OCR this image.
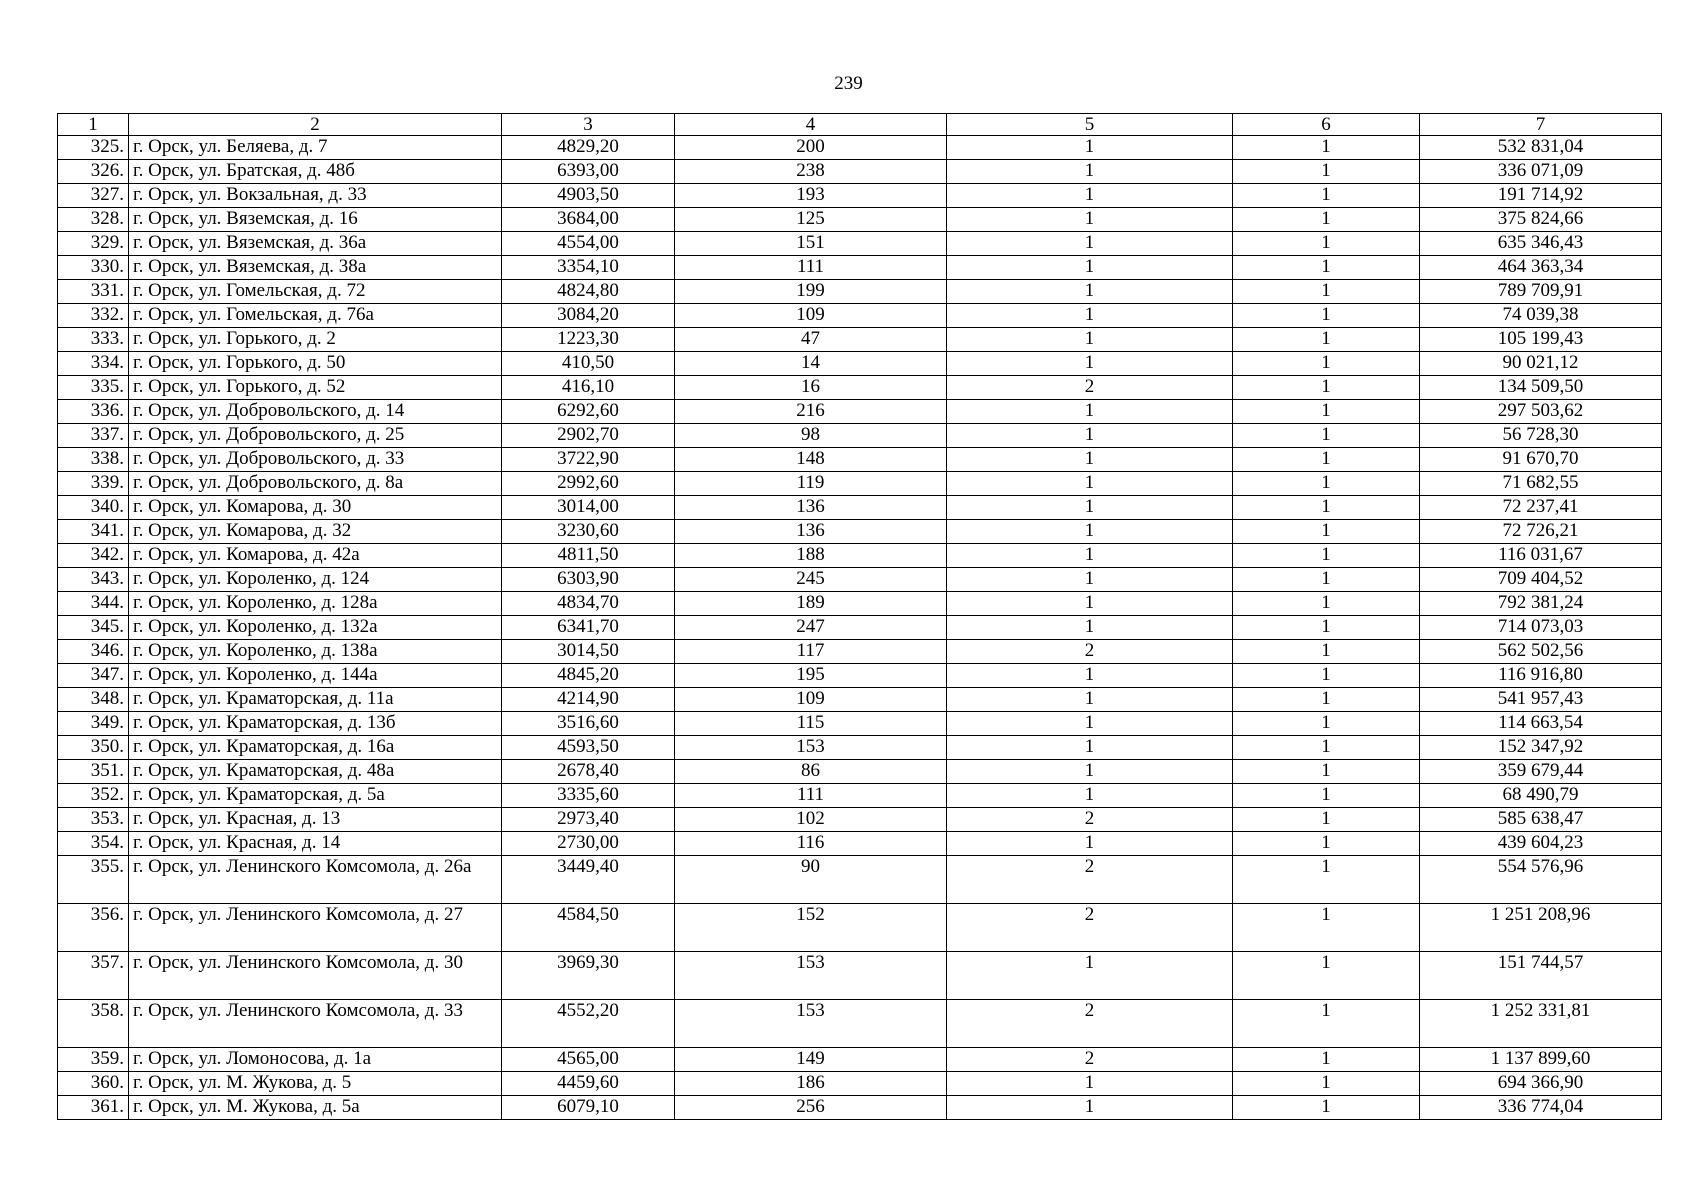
239
1	2	3	4	5	6	7
325.	г. Орск, ул. Беляева, д. 7	4829,20	200	1	1	532 831,04
326.	г. Орск, ул. Братская, д. 48б	6393,00	238	1	1	336 071,09
327.	г. Орск, ул. Вокзальная, д. 33	4903,50	193	1	1	191 714,92
328.	г. Орск, ул. Вяземская, д. 16	3684,00	125	1	1	375 824,66
329.	г. Орск, ул. Вяземская, д. 36а	4554,00	151	1	1	635 346,43
330.	г. Орск, ул. Вяземская, д. 38а	3354,10	111	1	1	464 363,34
331.	г. Орск, ул. Гомельская, д. 72	4824,80	199	1	1	789 709,91
332.	г. Орск, ул. Гомельская, д. 76а	3084,20	109	1	1	74 039,38
333.	г. Орск, ул. Горького, д. 2	1223,30	47	1	1	105 199,43
334.	г. Орск, ул. Горького, д. 50	410,50	14	1	1	90 021,12
335.	г. Орск, ул. Горького, д. 52	416,10	16	2	1	134 509,50
336.	г. Орск, ул. Добровольского, д. 14	6292,60	216	1	1	297 503,62
337.	г. Орск, ул. Добровольского, д. 25	2902,70	98	1	1	56 728,30
338.	г. Орск, ул. Добровольского, д. 33	3722,90	148	1	1	91 670,70
339.	г. Орск, ул. Добровольского, д. 8а	2992,60	119	1	1	71 682,55
340.	г. Орск, ул. Комарова, д. 30	3014,00	136	1	1	72 237,41
341.	г. Орск, ул. Комарова, д. 32	3230,60	136	1	1	72 726,21
342.	г. Орск, ул. Комарова, д. 42а	4811,50	188	1	1	116 031,67
343.	г. Орск, ул. Короленко, д. 124	6303,90	245	1	1	709 404,52
344.	г. Орск, ул. Короленко, д. 128а	4834,70	189	1	1	792 381,24
345.	г. Орск, ул. Короленко, д. 132а	6341,70	247	1	1	714 073,03
346.	г. Орск, ул. Короленко, д. 138а	3014,50	117	2	1	562 502,56
347.	г. Орск, ул. Короленко, д. 144а	4845,20	195	1	1	116 916,80
348.	г. Орск, ул. Краматорская, д. 11а	4214,90	109	1	1	541 957,43
349.	г. Орск, ул. Краматорская, д. 13б	3516,60	115	1	1	114 663,54
350.	г. Орск, ул. Краматорская, д. 16а	4593,50	153	1	1	152 347,92
351.	г. Орск, ул. Краматорская, д. 48а	2678,40	86	1	1	359 679,44
352.	г. Орск, ул. Краматорская, д. 5а	3335,60	111	1	1	68 490,79
353.	г. Орск, ул. Красная, д. 13	2973,40	102	2	1	585 638,47
354.	г. Орск, ул. Красная, д. 14	2730,00	116	1	1	439 604,23
355.	г. Орск, ул. Ленинского Комсомола, д. 26а	3449,40	90	2	1	554 576,96
356.	г. Орск, ул. Ленинского Комсомола, д. 27	4584,50	152	2	1	1 251 208,96
357.	г. Орск, ул. Ленинского Комсомола, д. 30	3969,30	153	1	1	151 744,57
358.	г. Орск, ул. Ленинского Комсомола, д. 33	4552,20	153	2	1	1 252 331,81
359.	г. Орск, ул. Ломоносова, д. 1а	4565,00	149	2	1	1 137 899,60
360.	г. Орск, ул. М. Жукова, д. 5	4459,60	186	1	1	694 366,90
361.	г. Орск, ул. М. Жукова, д. 5а	6079,10	256	1	1	336 774,04
